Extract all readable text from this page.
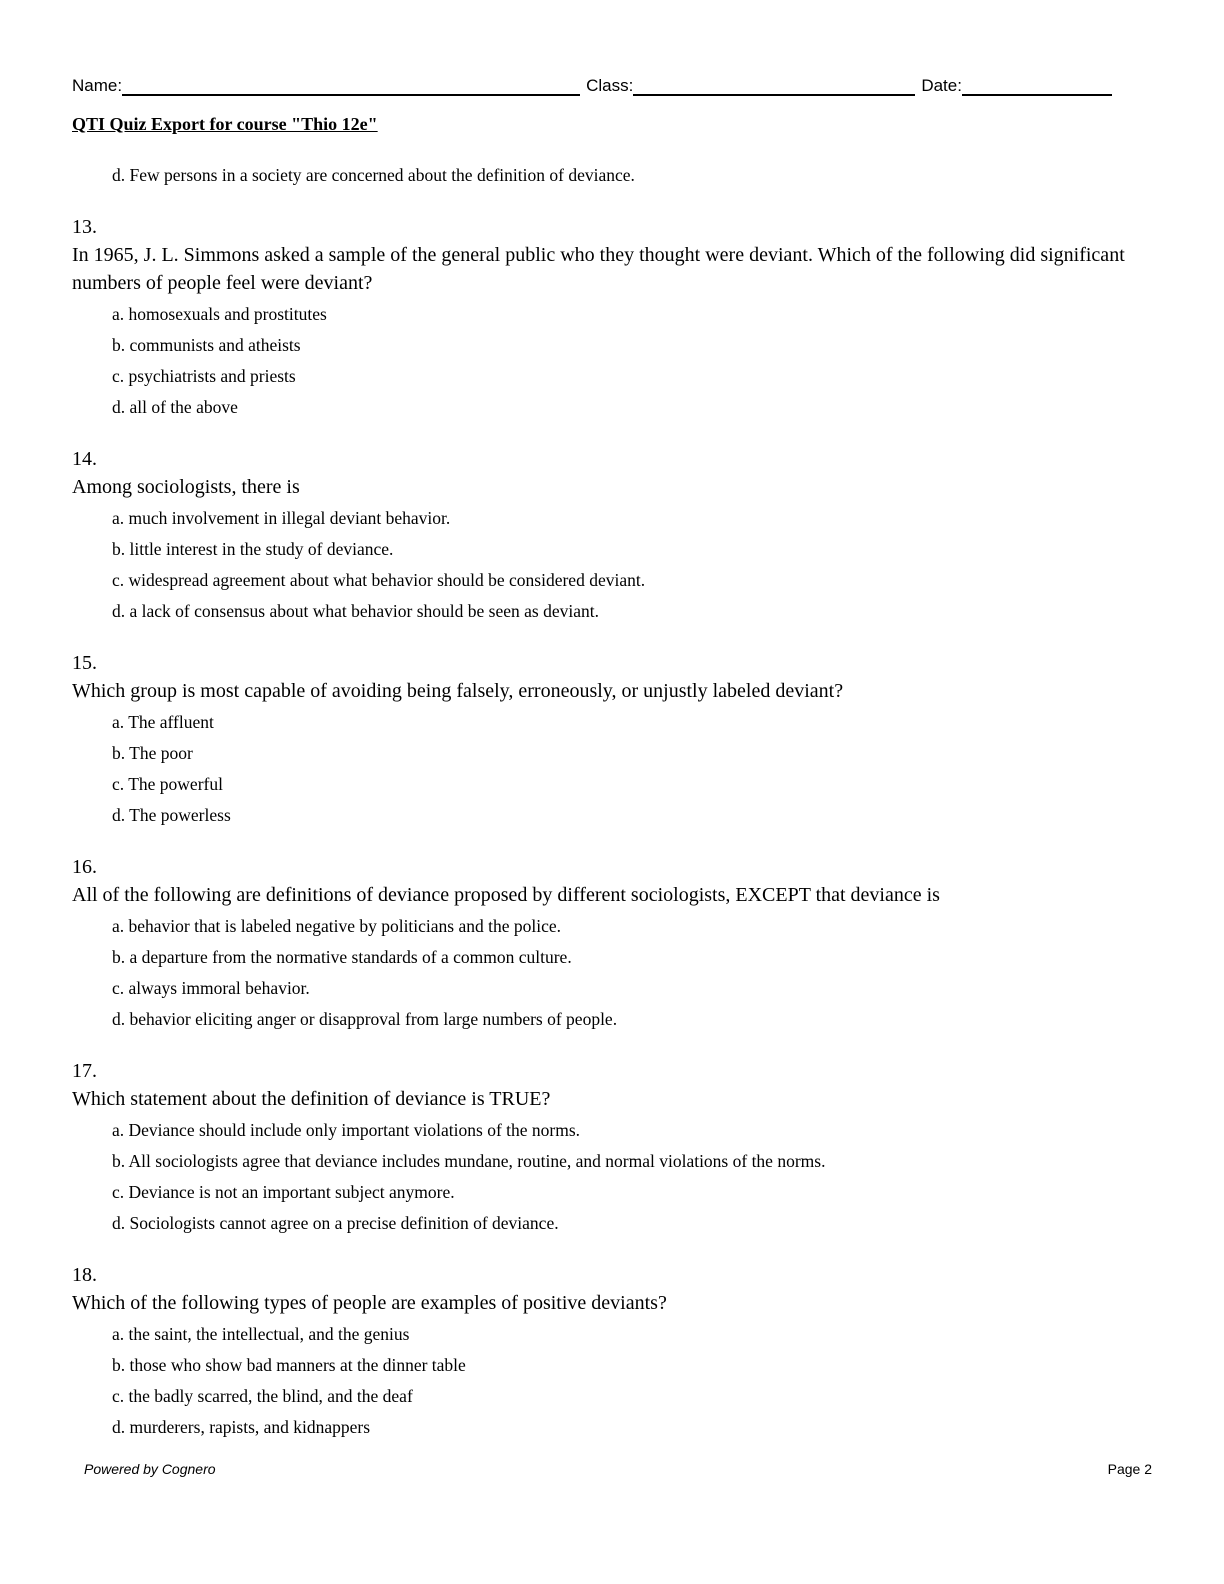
Name:	Class:	Date:
QTI Quiz Export for course "Thio 12e"
d. Few persons in a society are concerned about the definition of deviance.
13.
In 1965, J. L. Simmons asked a sample of the general public who they thought were deviant. Which of the following did significant numbers of people feel were deviant?
a. homosexuals and prostitutes
b. communists and atheists
c. psychiatrists and priests
d. all of the above
14.
Among sociologists, there is
a. much involvement in illegal deviant behavior.
b. little interest in the study of deviance.
c. widespread agreement about what behavior should be considered deviant.
d. a lack of consensus about what behavior should be seen as deviant.
15.
Which group is most capable of avoiding being falsely, erroneously, or unjustly labeled deviant?
a. The affluent
b. The poor
c. The powerful
d. The powerless
16.
All of the following are definitions of deviance proposed by different sociologists, EXCEPT that deviance is
a. behavior that is labeled negative by politicians and the police.
b. a departure from the normative standards of a common culture.
c. always immoral behavior.
d. behavior eliciting anger or disapproval from large numbers of people.
17.
Which statement about the definition of deviance is TRUE?
a. Deviance should include only important violations of the norms.
b. All sociologists agree that deviance includes mundane, routine, and normal violations of the norms.
c. Deviance is not an important subject anymore.
d. Sociologists cannot agree on a precise definition of deviance.
18.
Which of the following types of people are examples of positive deviants?
a. the saint, the intellectual, and the genius
b. those who show bad manners at the dinner table
c. the badly scarred, the blind, and the deaf
d. murderers, rapists, and kidnappers
Powered by Cognero	Page 2
